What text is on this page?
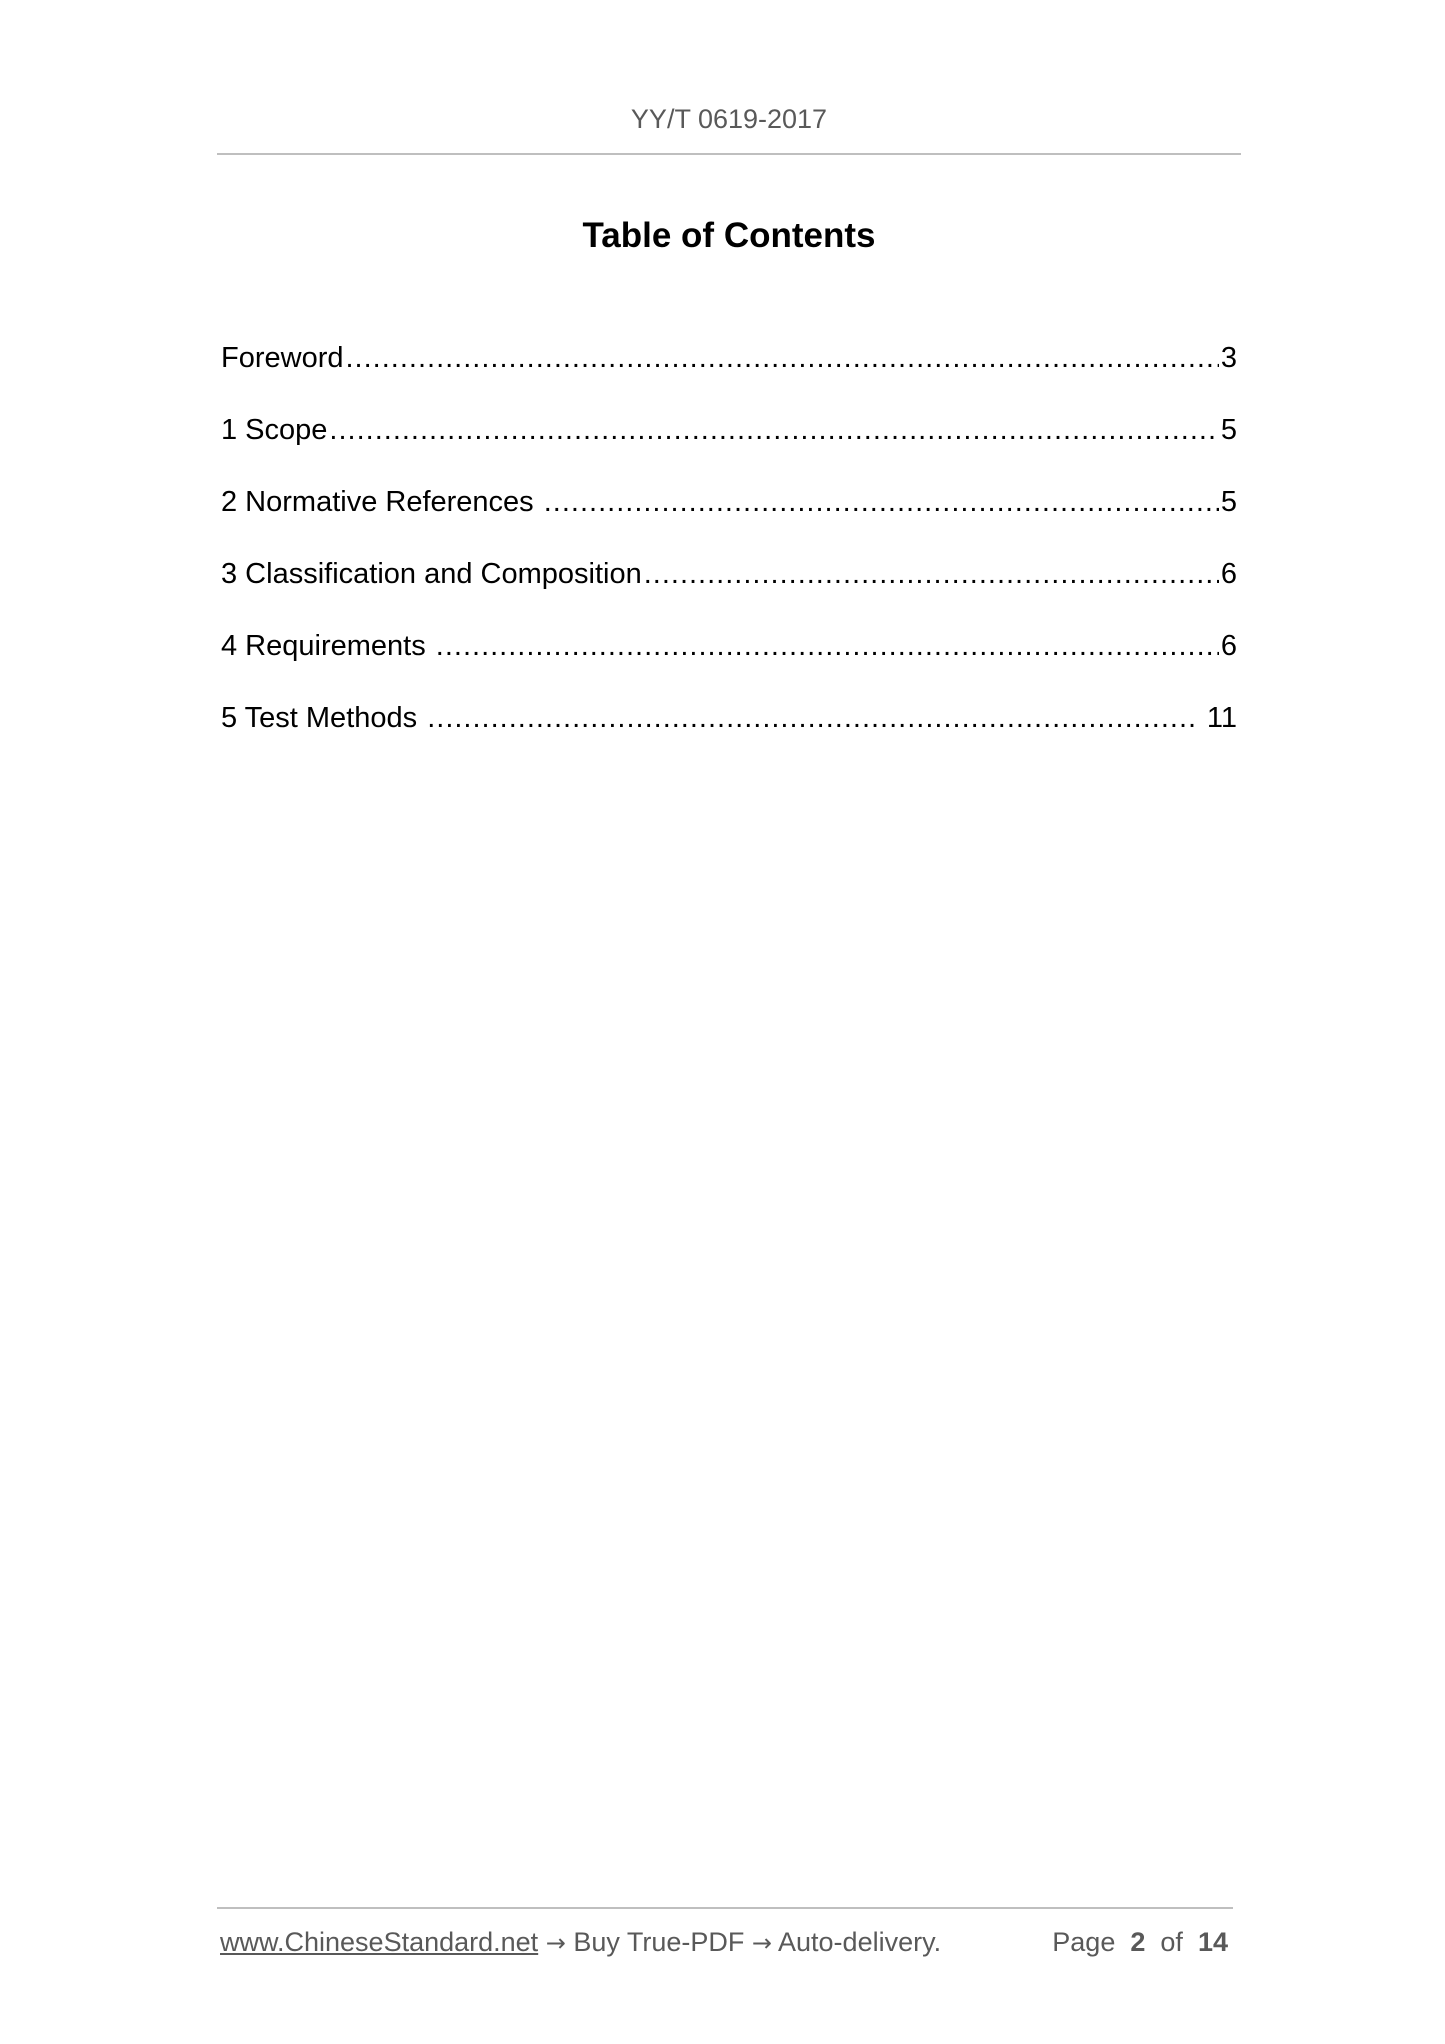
YY/T 0619-2017
Table of Contents
Foreword .....	3
1 Scope .....	5
2 Normative References .....	5
3 Classification and Composition .....	6
4 Requirements .....	6
5 Test Methods .....	11
www.ChineseStandard.net → Buy True-PDF → Auto-delivery.	Page 2 of 14
